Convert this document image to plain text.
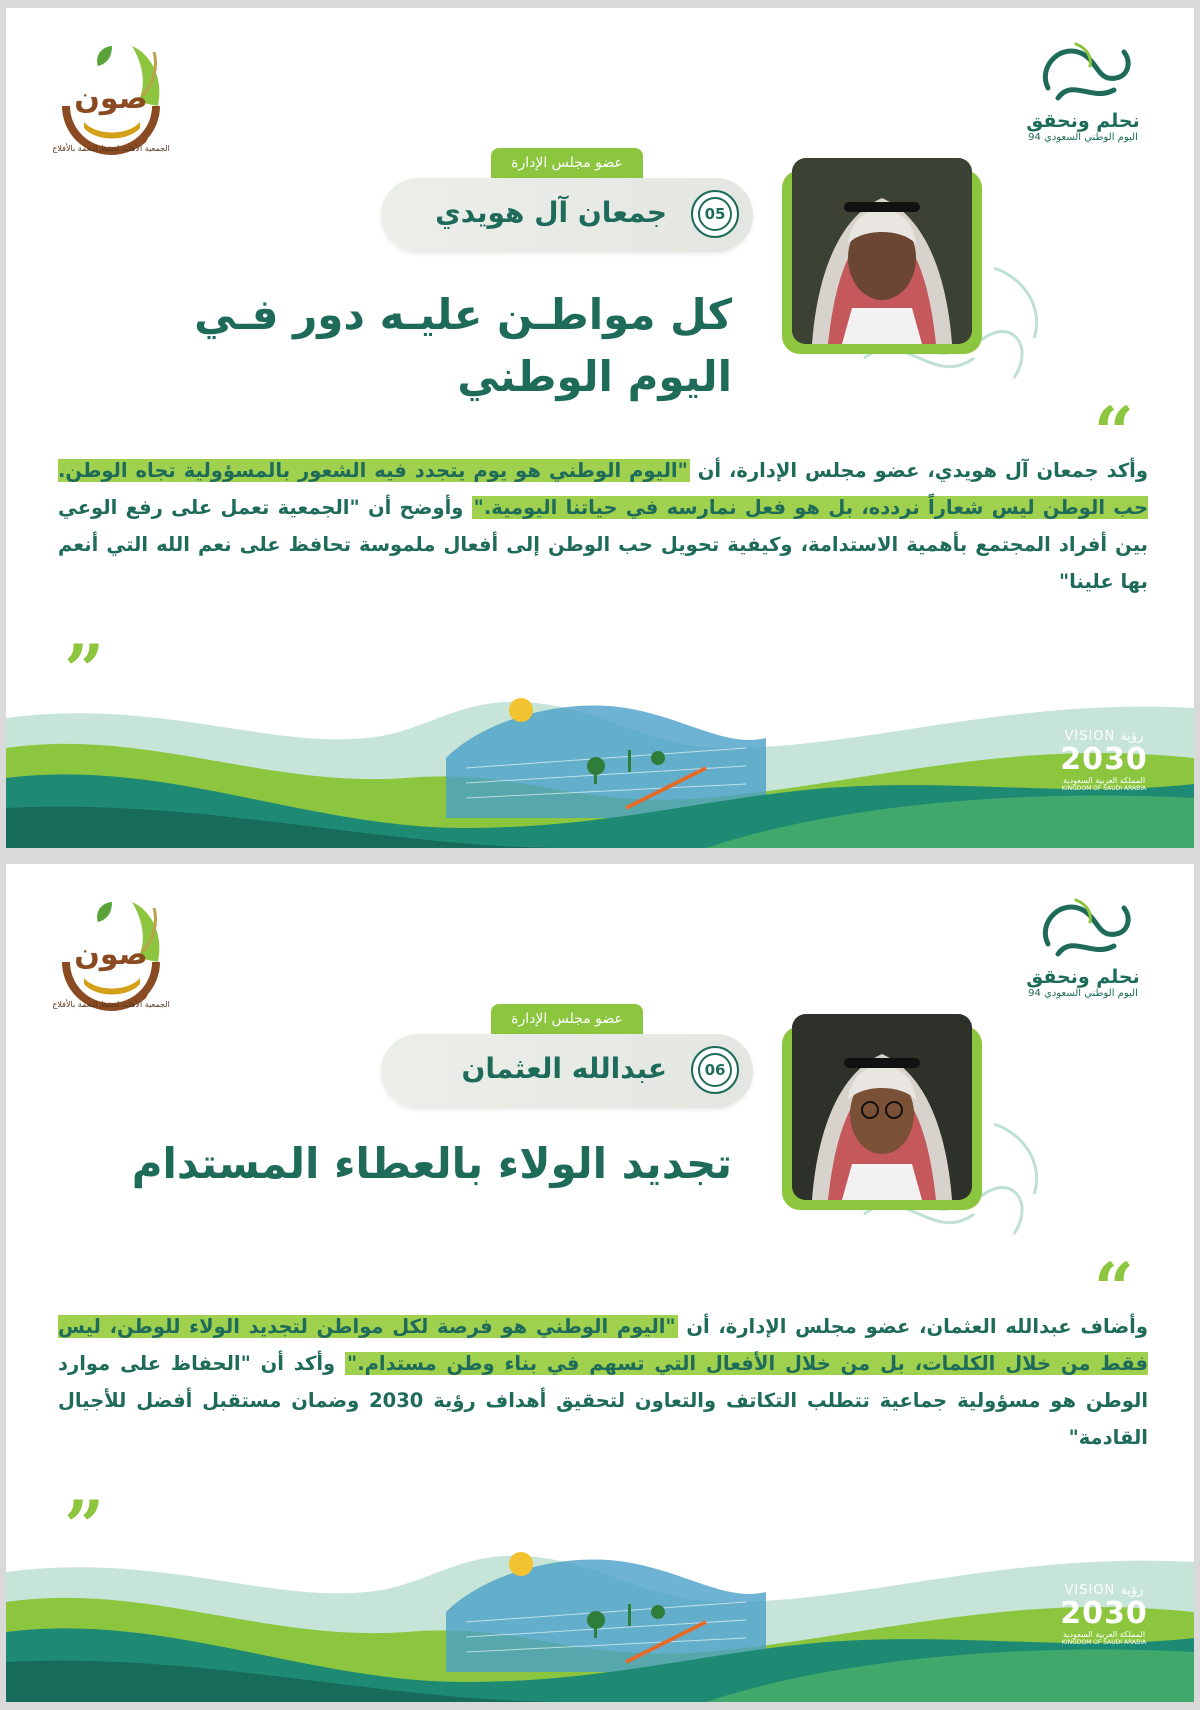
صون
الجمعية الأهلية لحفظ النعمة بالأفلاج
نحلم ونحقق
اليوم الوطني السعودي 94
عضو مجلس الإدارة
05
جمعان آل هويدي
كل مواطـن عليـه دور فـي
اليوم الوطني
“
وأكد جمعان آل هويدي، عضو مجلس الإدارة، أن "اليوم الوطني هو يوم يتجدد فيه الشعور بالمسؤولية تجاه الوطن. حب الوطن ليس شعاراً نردده، بل هو فعل نمارسه في حياتنا اليومية." وأوضح أن "الجمعية تعمل على رفع الوعي بين أفراد المجتمع بأهمية الاستدامة، وكيفية تحويل حب الوطن إلى أفعال ملموسة تحافظ على نعم الله التي أنعم بها علينا"
”
VISION رؤية
2030
المملكة العربية السعودية
KINGDOM OF SAUDI ARABIA
صون
الجمعية الأهلية لحفظ النعمة بالأفلاج
نحلم ونحقق
اليوم الوطني السعودي 94
عضو مجلس الإدارة
06
عبدالله العثمان
تجديد الولاء بالعطاء المستدام
“
وأضاف عبدالله العثمان، عضو مجلس الإدارة، أن "اليوم الوطني هو فرصة لكل مواطن لتجديد الولاء للوطن، ليس فقط من خلال الكلمات، بل من خلال الأفعال التي تسهم في بناء وطن مستدام." وأكد أن "الحفاظ على موارد الوطن هو مسؤولية جماعية تتطلب التكاتف والتعاون لتحقيق أهداف رؤية 2030 وضمان مستقبل أفضل للأجيال القادمة"
”
VISION رؤية
2030
المملكة العربية السعودية
KINGDOM OF SAUDI ARABIA
